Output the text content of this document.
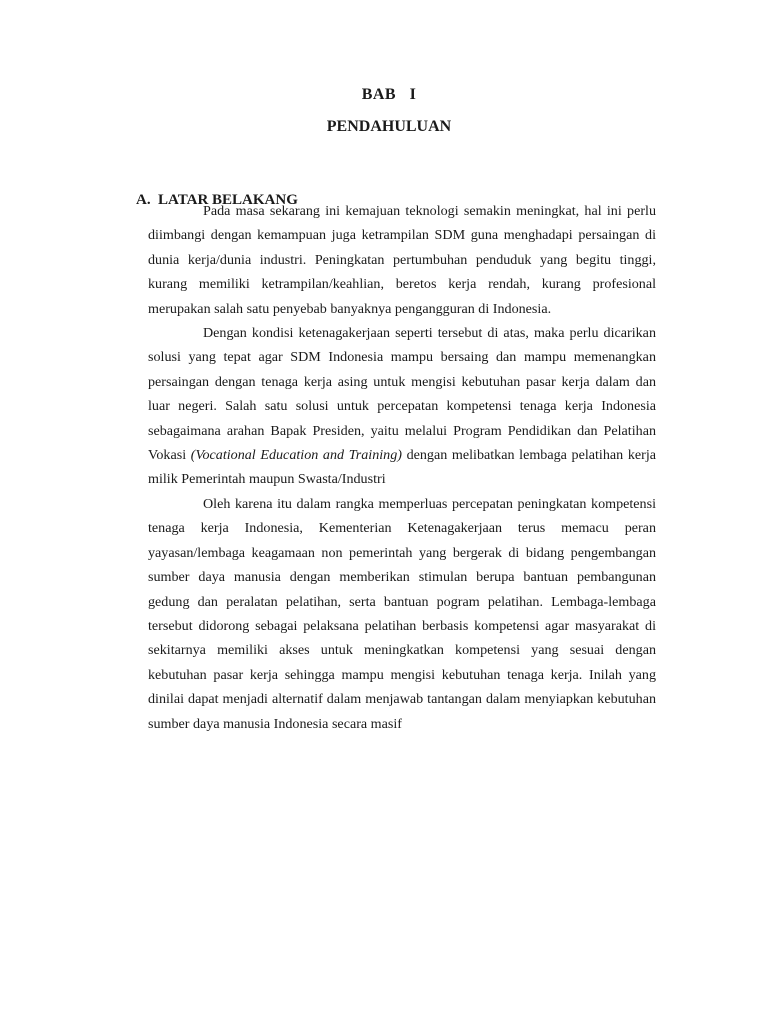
BAB   I
PENDAHULUAN

A. LATAR BELAKANG

Pada masa sekarang ini kemajuan teknologi semakin meningkat, hal ini perlu diimbangi dengan kemampuan juga ketrampilan SDM guna menghadapi persaingan di dunia kerja/dunia industri. Peningkatan pertumbuhan penduduk yang begitu tinggi, kurang memiliki ketrampilan/keahlian, beretos kerja rendah, kurang profesional merupakan salah satu penyebab banyaknya pengangguran di Indonesia.

Dengan kondisi ketenagakerjaan seperti tersebut di atas, maka perlu dicarikan solusi yang tepat agar SDM Indonesia mampu bersaing dan mampu memenangkan persaingan dengan tenaga kerja asing untuk mengisi kebutuhan pasar kerja dalam dan luar negeri. Salah satu solusi untuk percepatan kompetensi tenaga kerja Indonesia sebagaimana arahan Bapak Presiden, yaitu melalui Program Pendidikan dan Pelatihan Vokasi (Vocational Education and Training) dengan melibatkan lembaga pelatihan kerja milik Pemerintah maupun Swasta/Industri

Oleh karena itu dalam rangka memperluas percepatan peningkatan kompetensi tenaga kerja Indonesia, Kementerian Ketenagakerjaan terus memacu peran yayasan/lembaga keagamaan non pemerintah yang bergerak di bidang pengembangan sumber daya manusia dengan memberikan stimulan berupa bantuan pembangunan gedung dan peralatan pelatihan, serta bantuan pogram pelatihan. Lembaga-lembaga tersebut didorong sebagai pelaksana pelatihan berbasis kompetensi agar masyarakat di sekitarnya memiliki akses untuk meningkatkan kompetensi yang sesuai dengan kebutuhan pasar kerja sehingga mampu mengisi kebutuhan tenaga kerja. Inilah yang dinilai dapat menjadi alternatif dalam menjawab tantangan dalam menyiapkan kebutuhan sumber daya manusia Indonesia secara masif
